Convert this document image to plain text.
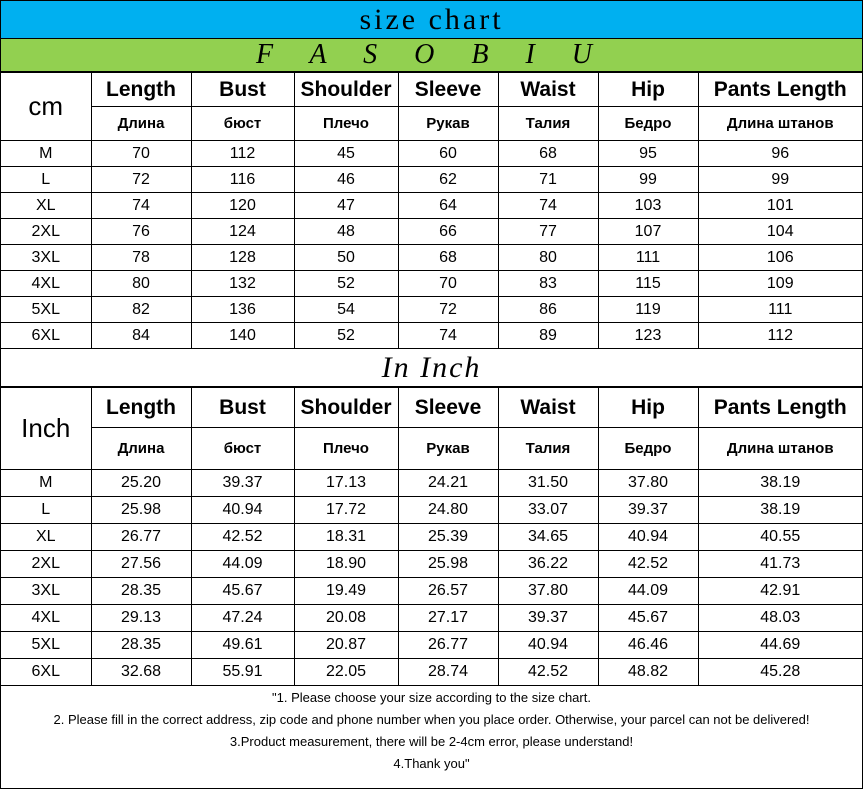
size chart
F A S O B I U
cm	Length	Bust	Shoulder	Sleeve	Waist	Hip	Pants Length
	Длина	бюст	Плечо	Рукав	Талия	Бедро	Длина штанов
M	70	112	45	60	68	95	96
L	72	116	46	62	71	99	99
XL	74	120	47	64	74	103	101
2XL	76	124	48	66	77	107	104
3XL	78	128	50	68	80	111	106
4XL	80	132	52	70	83	115	109
5XL	82	136	54	72	86	119	111
6XL	84	140	52	74	89	123	112
In Inch
Inch	Length	Bust	Shoulder	Sleeve	Waist	Hip	Pants Length
	Длина	бюст	Плечо	Рукав	Талия	Бедро	Длина штанов
M	25.20	39.37	17.13	24.21	31.50	37.80	38.19
L	25.98	40.94	17.72	24.80	33.07	39.37	38.19
XL	26.77	42.52	18.31	25.39	34.65	40.94	40.55
2XL	27.56	44.09	18.90	25.98	36.22	42.52	41.73
3XL	28.35	45.67	19.49	26.57	37.80	44.09	42.91
4XL	29.13	47.24	20.08	27.17	39.37	45.67	48.03
5XL	28.35	49.61	20.87	26.77	40.94	46.46	44.69
6XL	32.68	55.91	22.05	28.74	42.52	48.82	45.28
"1. Please choose your size according to the size chart.
2. Please fill in the correct address, zip code and phone number when you place order. Otherwise, your parcel can not be delivered!
3.Product measurement, there will be 2-4cm error, please understand!
4.Thank you"
